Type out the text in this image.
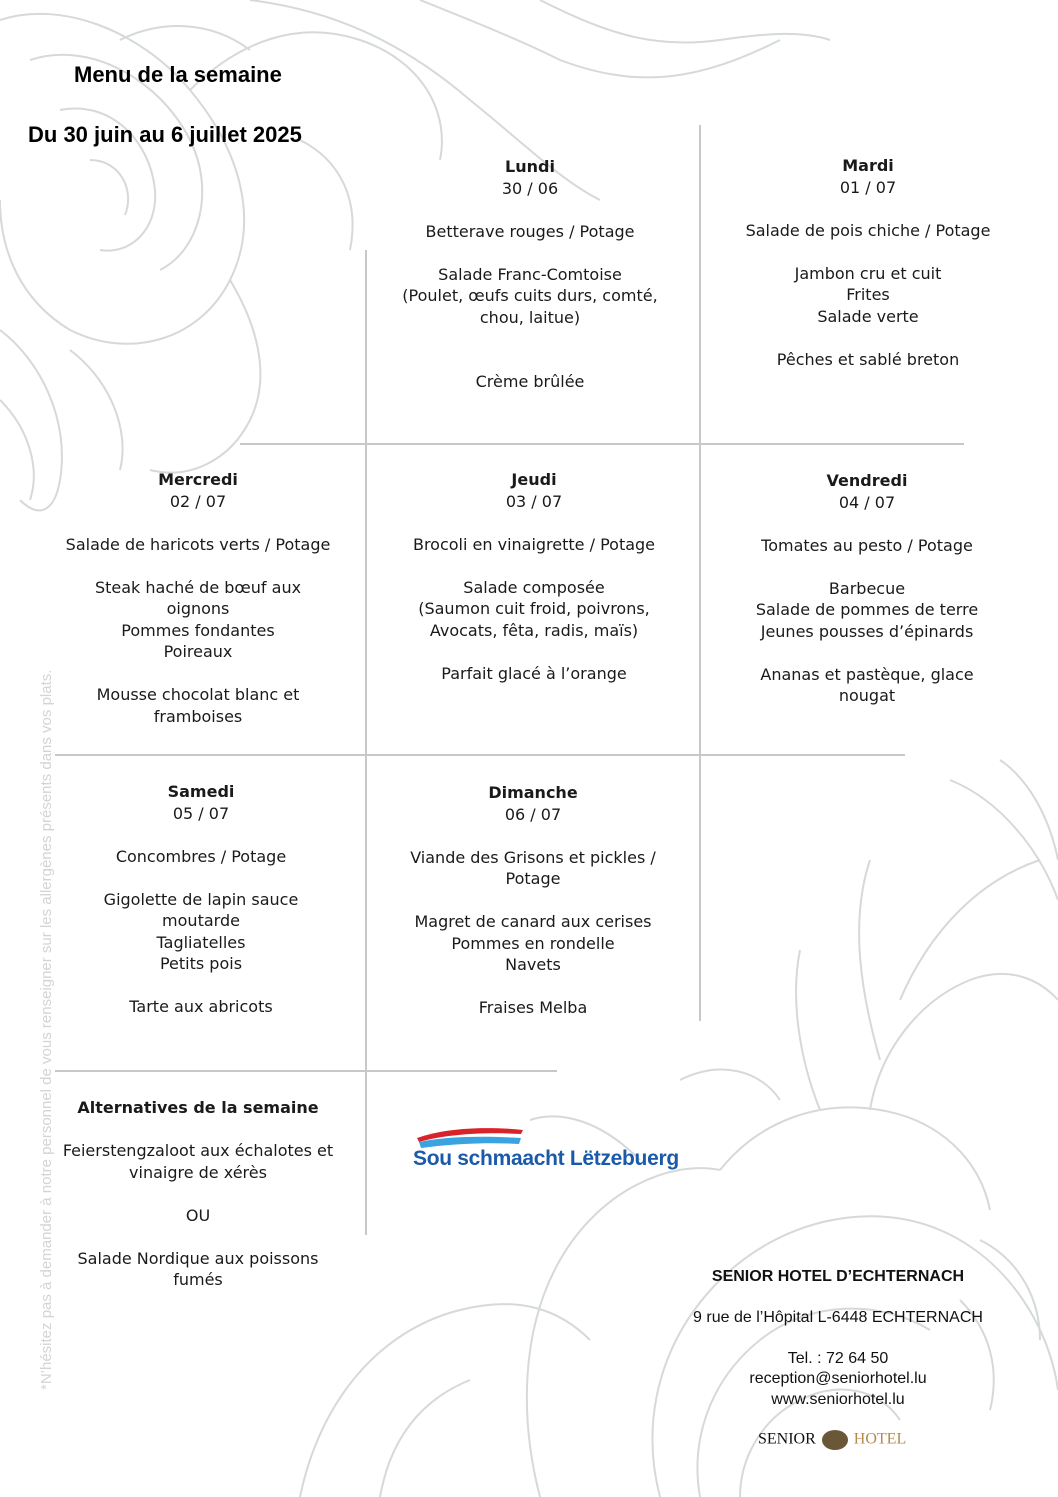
Menu de la semaine
Du 30 juin au 6 juillet 2025
Lundi
30 / 06
Betterave rouges / Potage
Salade Franc-Comtoise
(Poulet, œufs cuits durs, comté,
chou, laitue)
Crème brûlée
Mardi
01 / 07
Salade de pois chiche / Potage
Jambon cru et cuit
Frites
Salade verte
Pêches et sablé breton
Mercredi
02 / 07
Salade de haricots verts / Potage
Steak haché de bœuf aux
oignons
Pommes fondantes
Poireaux
Mousse chocolat blanc et
framboises
Jeudi
03 / 07
Brocoli en vinaigrette / Potage
Salade composée
(Saumon cuit froid, poivrons,
Avocats, fêta, radis, maïs)
Parfait glacé à l’orange
Vendredi
04 / 07
Tomates au pesto / Potage
Barbecue
Salade de pommes de terre
Jeunes pousses d’épinards
Ananas et pastèque, glace
nougat
Samedi
05 / 07
Concombres / Potage
Gigolette de lapin sauce
moutarde
Tagliatelles
Petits pois
Tarte aux abricots
Dimanche
06 / 07
Viande des Grisons et pickles /
Potage
Magret de canard aux cerises
Pommes en rondelle
Navets
Fraises Melba
Alternatives de la semaine
Feierstengzaloot aux échalotes et
vinaigre de xérès
OU
Salade Nordique aux poissons
fumés
Sou schmaacht Lëtzebuerg
SENIOR HOTEL D’ECHTERNACH
9 rue de l’Hôpital L-6448 ECHTERNACH
Tel. : 72 64 50
reception@seniorhotel.lu
www.seniorhotel.lu
SENIOR HOTEL
*N’hésitez pas à demander à notre personnel de vous renseigner sur les allergènes présents dans vos plats.
